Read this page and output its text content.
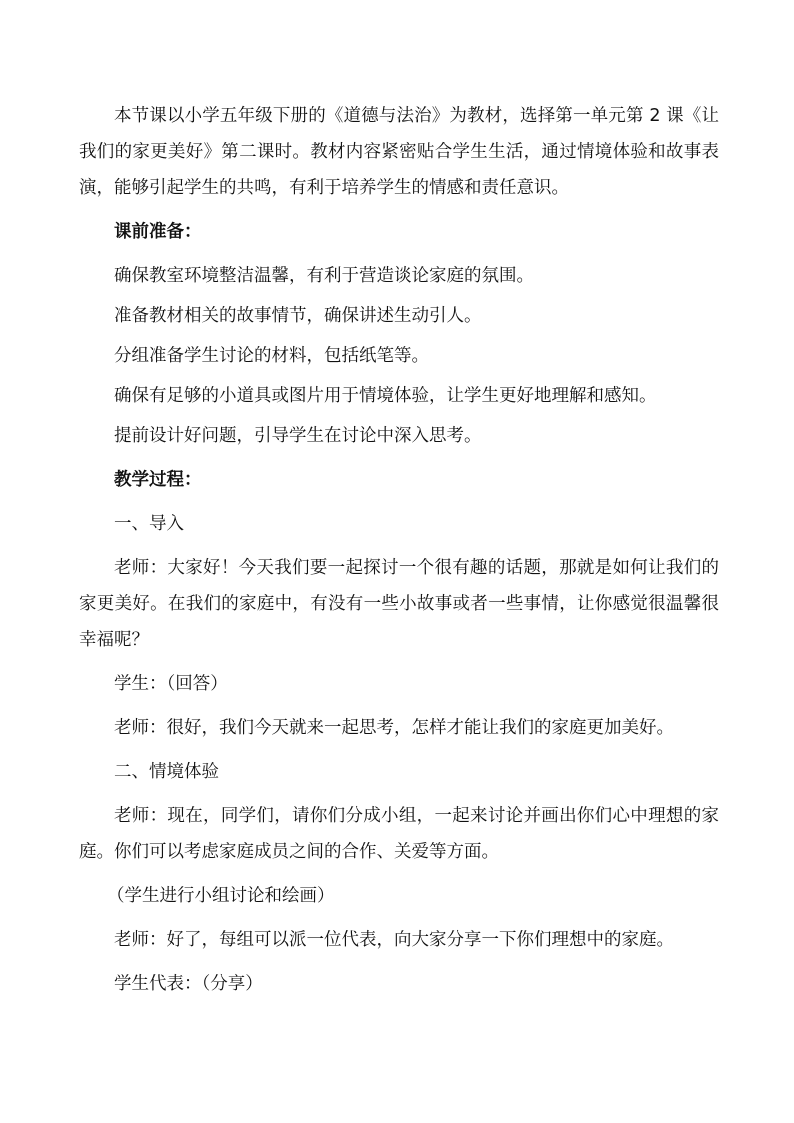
本节课以小学五年级下册的《道德与法治》为教材，选择第一单元第 2 课《让我们的家更美好》第二课时。教材内容紧密贴合学生生活，通过情境体验和故事表演，能够引起学生的共鸣，有利于培养学生的情感和责任意识。

课前准备：

确保教室环境整洁温馨，有利于营造谈论家庭的氛围。

准备教材相关的故事情节，确保讲述生动引人。

分组准备学生讨论的材料，包括纸笔等。

确保有足够的小道具或图片用于情境体验，让学生更好地理解和感知。

提前设计好问题，引导学生在讨论中深入思考。

教学过程：

一、导入

老师：大家好！今天我们要一起探讨一个很有趣的话题，那就是如何让我们的家更美好。在我们的家庭中，有没有一些小故事或者一些事情，让你感觉很温馨很幸福呢？

学生：（回答）

老师：很好，我们今天就来一起思考，怎样才能让我们的家庭更加美好。

二、情境体验

老师：现在，同学们，请你们分成小组，一起来讨论并画出你们心中理想的家庭。你们可以考虑家庭成员之间的合作、关爱等方面。

（学生进行小组讨论和绘画）

老师：好了，每组可以派一位代表，向大家分享一下你们理想中的家庭。

学生代表：（分享）
